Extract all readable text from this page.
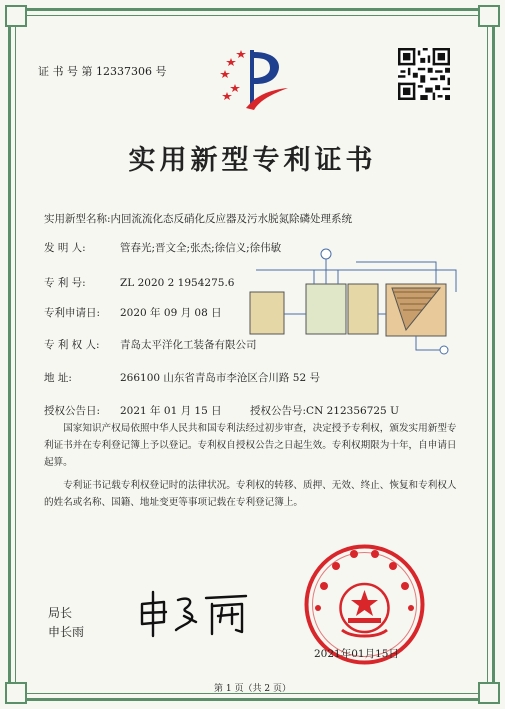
证 书 号 第 12337306 号
实用新型专利证书
实用新型名称:内回流流化态反硝化反应器及污水脱氮除磷处理系统
发 明 人:	管春光;晋文全;张杰;徐信义;徐伟敏
专 利 号:	ZL 2020 2 1954275.6
专利申请日: 2020 年 09 月 08 日
专 利 权 人: 青岛太平洋化工装备有限公司
地 址:	266100 山东省青岛市李沧区合川路 52 号
授权公告日: 2021 年 01 月 15 日	授权公告号:CN 212356725 U
国家知识产权局依照中华人民共和国专利法经过初步审查，决定授予专利权，颁发实用新型专利证书并在专利登记簿上予以登记。专利权自授权公告之日起生效。专利权期限为十年，自申请日起算。
专利证书记载专利权登记时的法律状况。专利权的转移、质押、无效、终止、恢复和专利权人的姓名或名称、国籍、地址变更等事项记载在专利登记簿上。
局长
申长雨
2021年01月15日
第 1 页（共 2 页）
